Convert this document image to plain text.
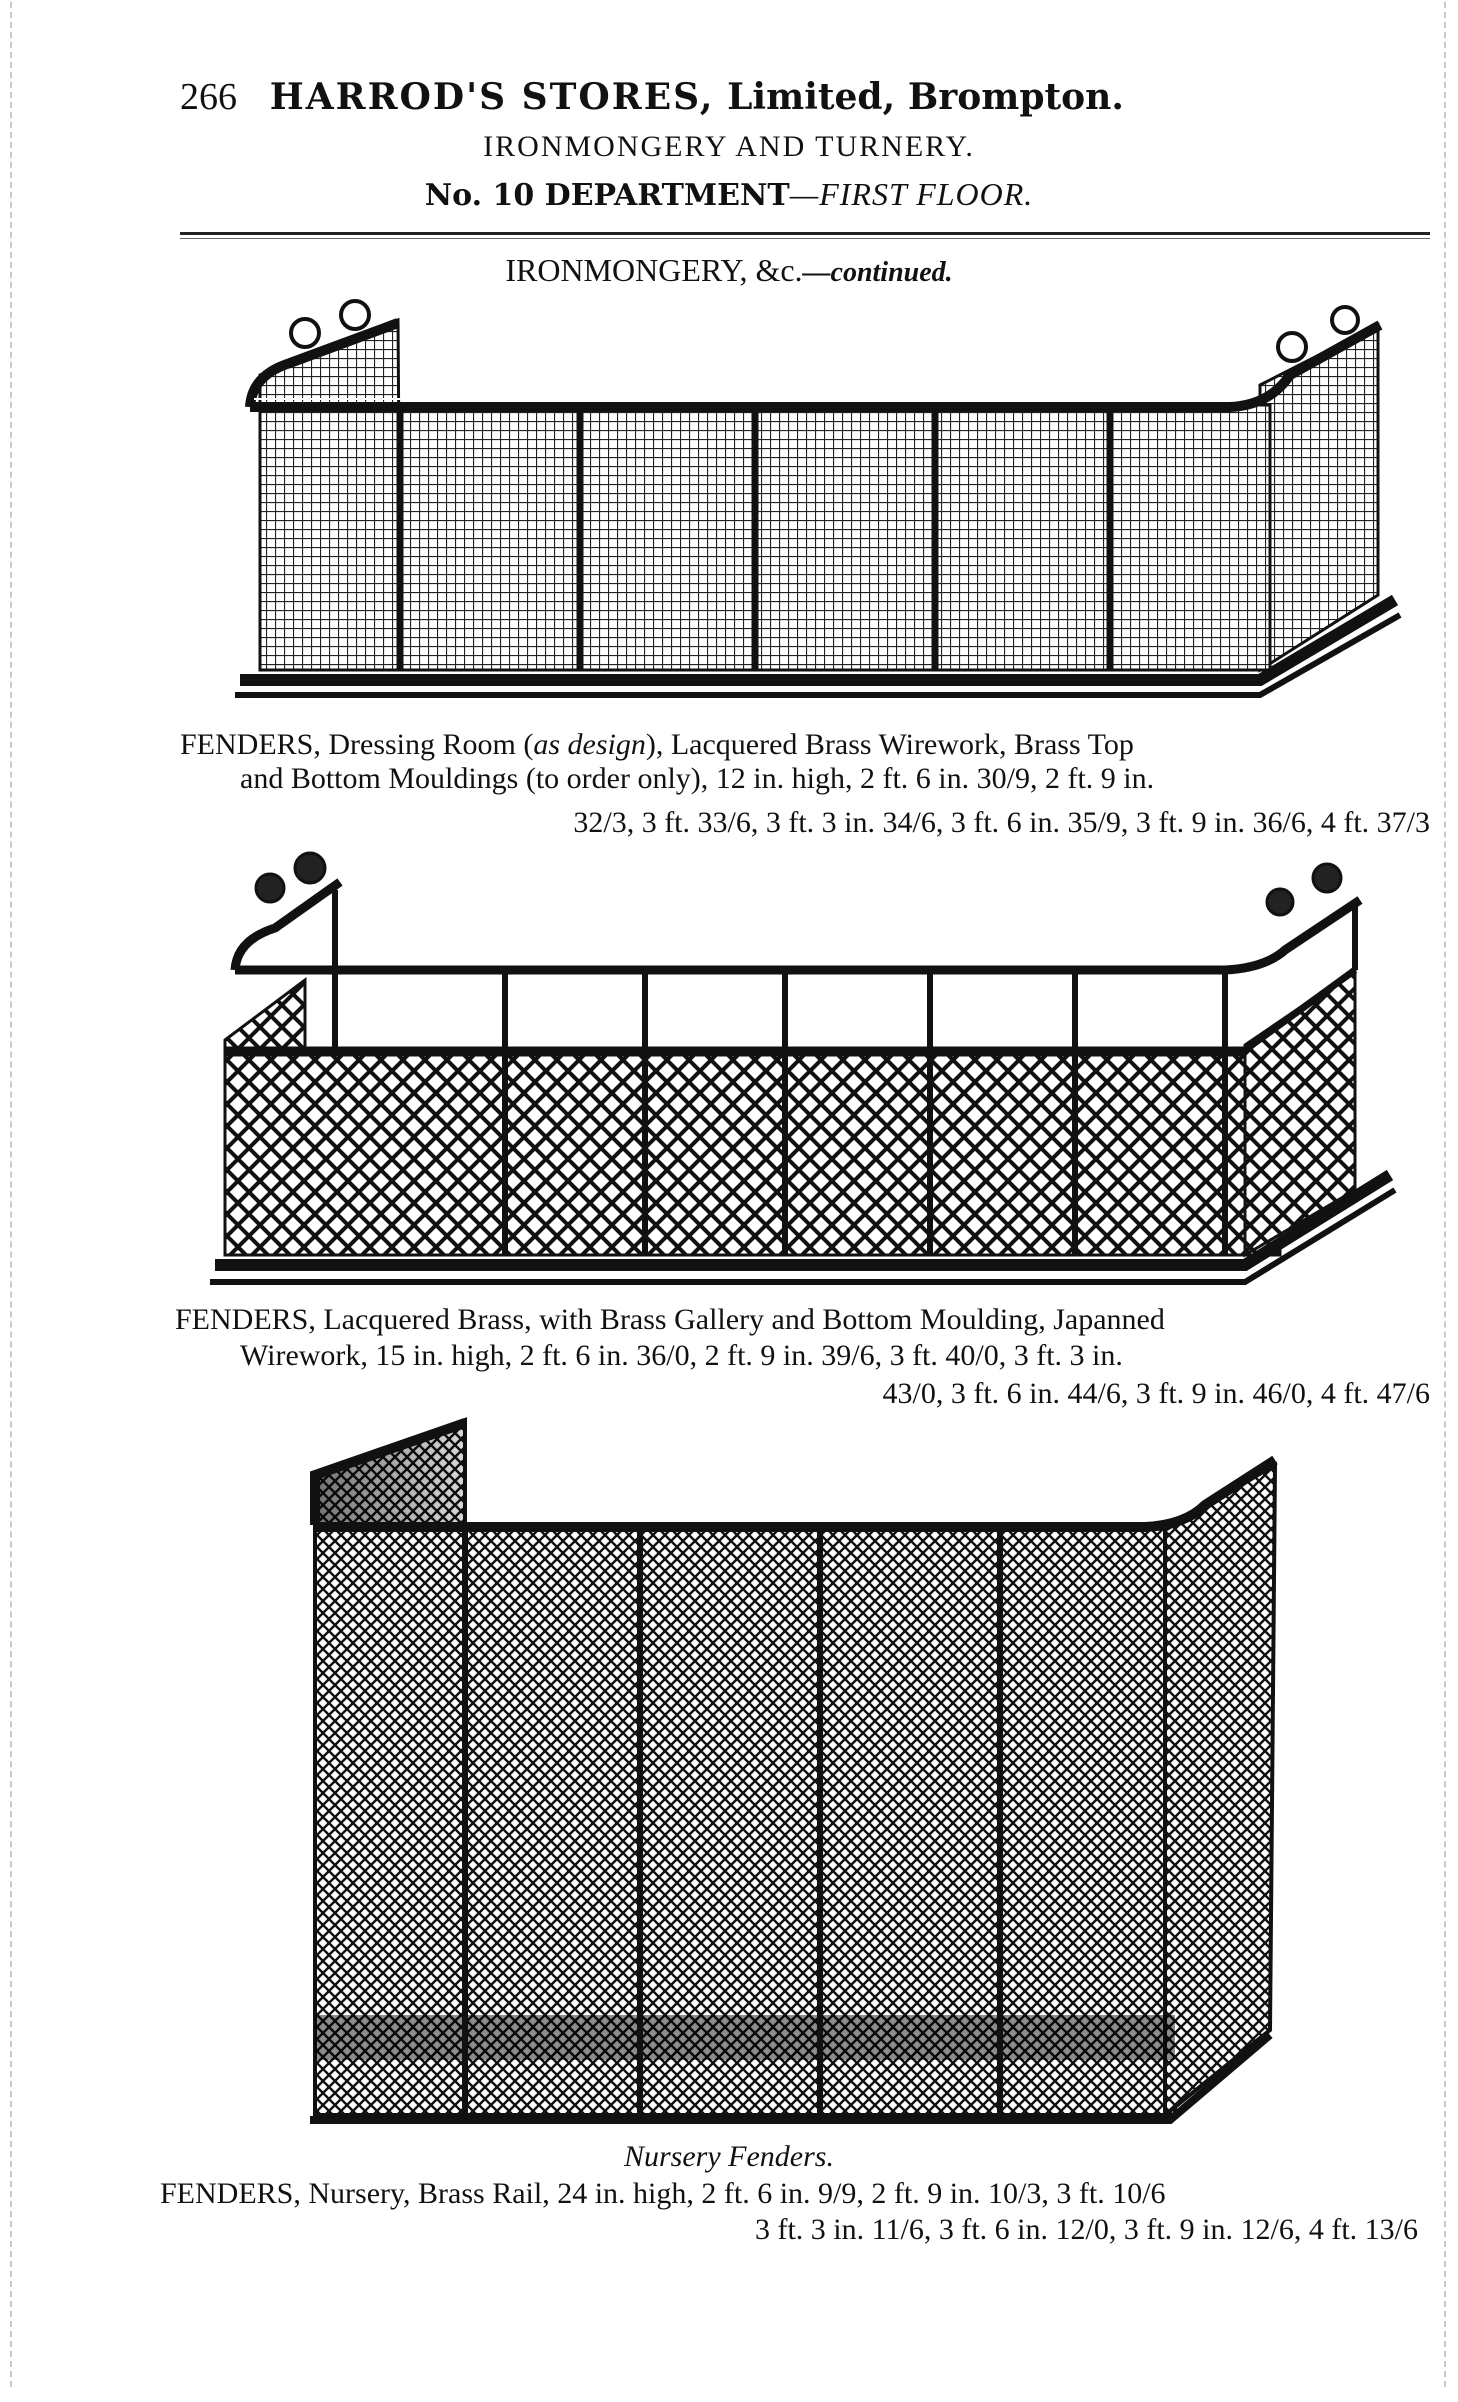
266 HARROD'S STORES, Limited, Brompton.
IRONMONGERY AND TURNERY.
No. 10 DEPARTMENT—FIRST FLOOR.
IRONMONGERY, &c.—continued.
FENDERS, Dressing Room (as design), Lacquered Brass Wirework, Brass Top
and Bottom Mouldings (to order only), 12 in. high, 2 ft. 6 in. 30/9, 2 ft. 9 in.
32/3, 3 ft. 33/6, 3 ft. 3 in. 34/6, 3 ft. 6 in. 35/9, 3 ft. 9 in. 36/6, 4 ft. 37/3
FENDERS, Lacquered Brass, with Brass Gallery and Bottom Moulding, Japanned
Wirework, 15 in. high, 2 ft. 6 in. 36/0, 2 ft. 9 in. 39/6, 3 ft. 40/0, 3 ft. 3 in.
43/0, 3 ft. 6 in. 44/6, 3 ft. 9 in. 46/0, 4 ft. 47/6
Nursery Fenders.
FENDERS, Nursery, Brass Rail, 24 in. high, 2 ft. 6 in. 9/9, 2 ft. 9 in. 10/3, 3 ft. 10/6
3 ft. 3 in. 11/6, 3 ft. 6 in. 12/0, 3 ft. 9 in. 12/6, 4 ft. 13/6
